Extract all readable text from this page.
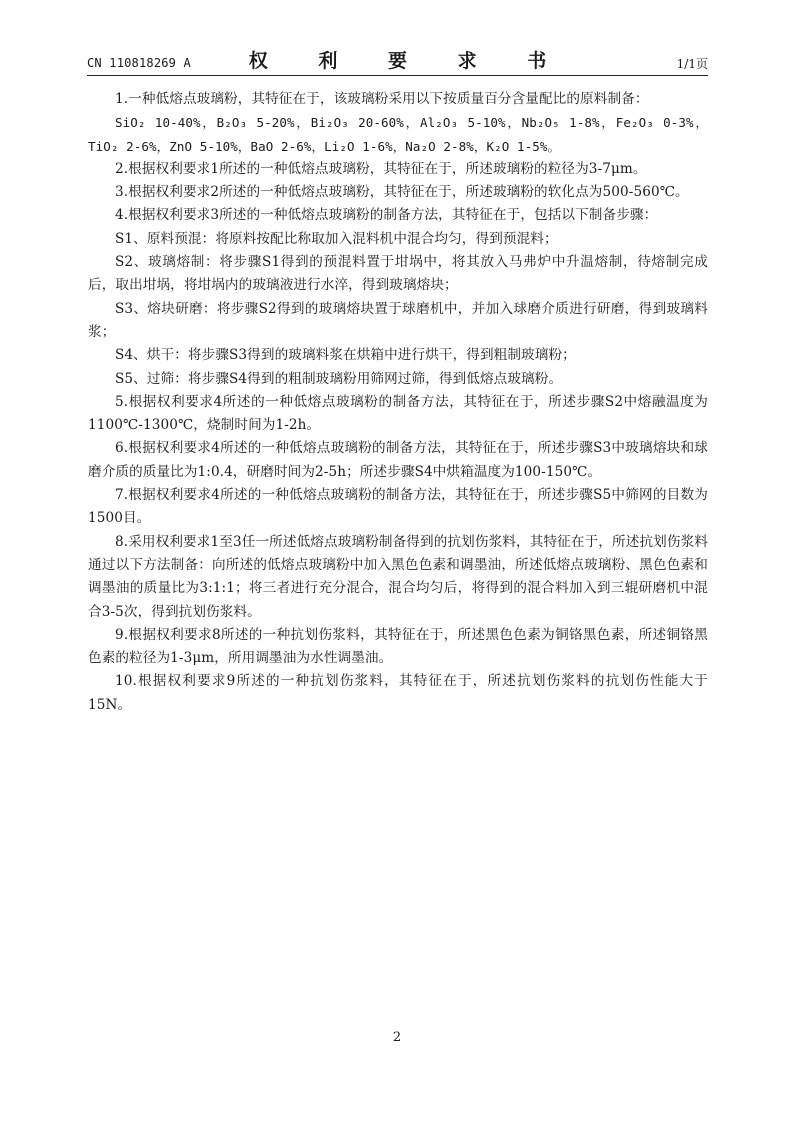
CN 110818269 A	权 利 要 求 书	1/1页

1.一种低熔点玻璃粉，其特征在于，该玻璃粉采用以下按质量百分含量配比的原料制备：

SiO₂ 10-40%，B₂O₃ 5-20%，Bi₂O₃ 20-60%，Al₂O₃ 5-10%，Nb₂O₅ 1-8%，Fe₂O₃ 0-3%，TiO₂ 2-6%，ZnO 5-10%，BaO 2-6%，Li₂O 1-6%，Na₂O 2-8%，K₂O 1-5%。

2.根据权利要求1所述的一种低熔点玻璃粉，其特征在于，所述玻璃粉的粒径为3-7μm。

3.根据权利要求2所述的一种低熔点玻璃粉，其特征在于，所述玻璃粉的软化点为500-560℃。

4.根据权利要求3所述的一种低熔点玻璃粉的制备方法，其特征在于，包括以下制备步骤：

S1、原料预混：将原料按配比称取加入混料机中混合均匀，得到预混料；

S2、玻璃熔制：将步骤S1得到的预混料置于坩埚中，将其放入马弗炉中升温熔制，待熔制完成后，取出坩埚，将坩埚内的玻璃液进行水淬，得到玻璃熔块；

S3、熔块研磨：将步骤S2得到的玻璃熔块置于球磨机中，并加入球磨介质进行研磨，得到玻璃料浆；

S4、烘干：将步骤S3得到的玻璃料浆在烘箱中进行烘干，得到粗制玻璃粉；

S5、过筛：将步骤S4得到的粗制玻璃粉用筛网过筛，得到低熔点玻璃粉。

5.根据权利要求4所述的一种低熔点玻璃粉的制备方法，其特征在于，所述步骤S2中熔融温度为1100℃-1300℃，烧制时间为1-2h。

6.根据权利要求4所述的一种低熔点玻璃粉的制备方法，其特征在于，所述步骤S3中玻璃熔块和球磨介质的质量比为1:0.4，研磨时间为2-5h；所述步骤S4中烘箱温度为100-150℃。

7.根据权利要求4所述的一种低熔点玻璃粉的制备方法，其特征在于，所述步骤S5中筛网的目数为1500目。

8.采用权利要求1至3任一所述低熔点玻璃粉制备得到的抗划伤浆料，其特征在于，所述抗划伤浆料通过以下方法制备：向所述的低熔点玻璃粉中加入黑色色素和调墨油，所述低熔点玻璃粉、黑色色素和调墨油的质量比为3:1:1；将三者进行充分混合，混合均匀后，将得到的混合料加入到三辊研磨机中混合3-5次，得到抗划伤浆料。

9.根据权利要求8所述的一种抗划伤浆料，其特征在于，所述黑色色素为铜铬黑色素，所述铜铬黑色素的粒径为1-3μm，所用调墨油为水性调墨油。

10.根据权利要求9所述的一种抗划伤浆料，其特征在于，所述抗划伤浆料的抗划伤性能大于15N。

2
